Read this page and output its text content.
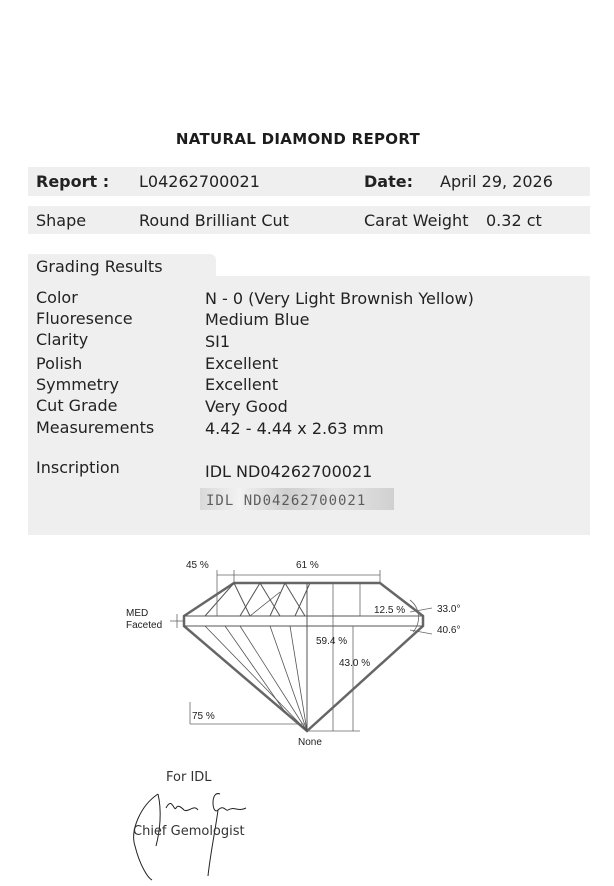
NATURAL DIAMOND REPORT
Report : L04262700021	Date: April 29, 2026
Shape	Round Brilliant Cut	Carat Weight 0.32 ct
Grading Results
Color	N - 0 (Very Light Brownish Yellow)
Fluoresence	Medium Blue
Clarity	SI1
Polish	Excellent
Symmetry	Excellent
Cut Grade	Very Good
Measurements	4.42 - 4.44 x 2.63 mm
Inscription	IDL ND04262700021
IDL ND04262700021
45 %	61 %
MED
Faceted
12.5 %	33.0°
40.6°
59.4 %
43.0 %
75 %
None
For IDL
Chief Gemologist
